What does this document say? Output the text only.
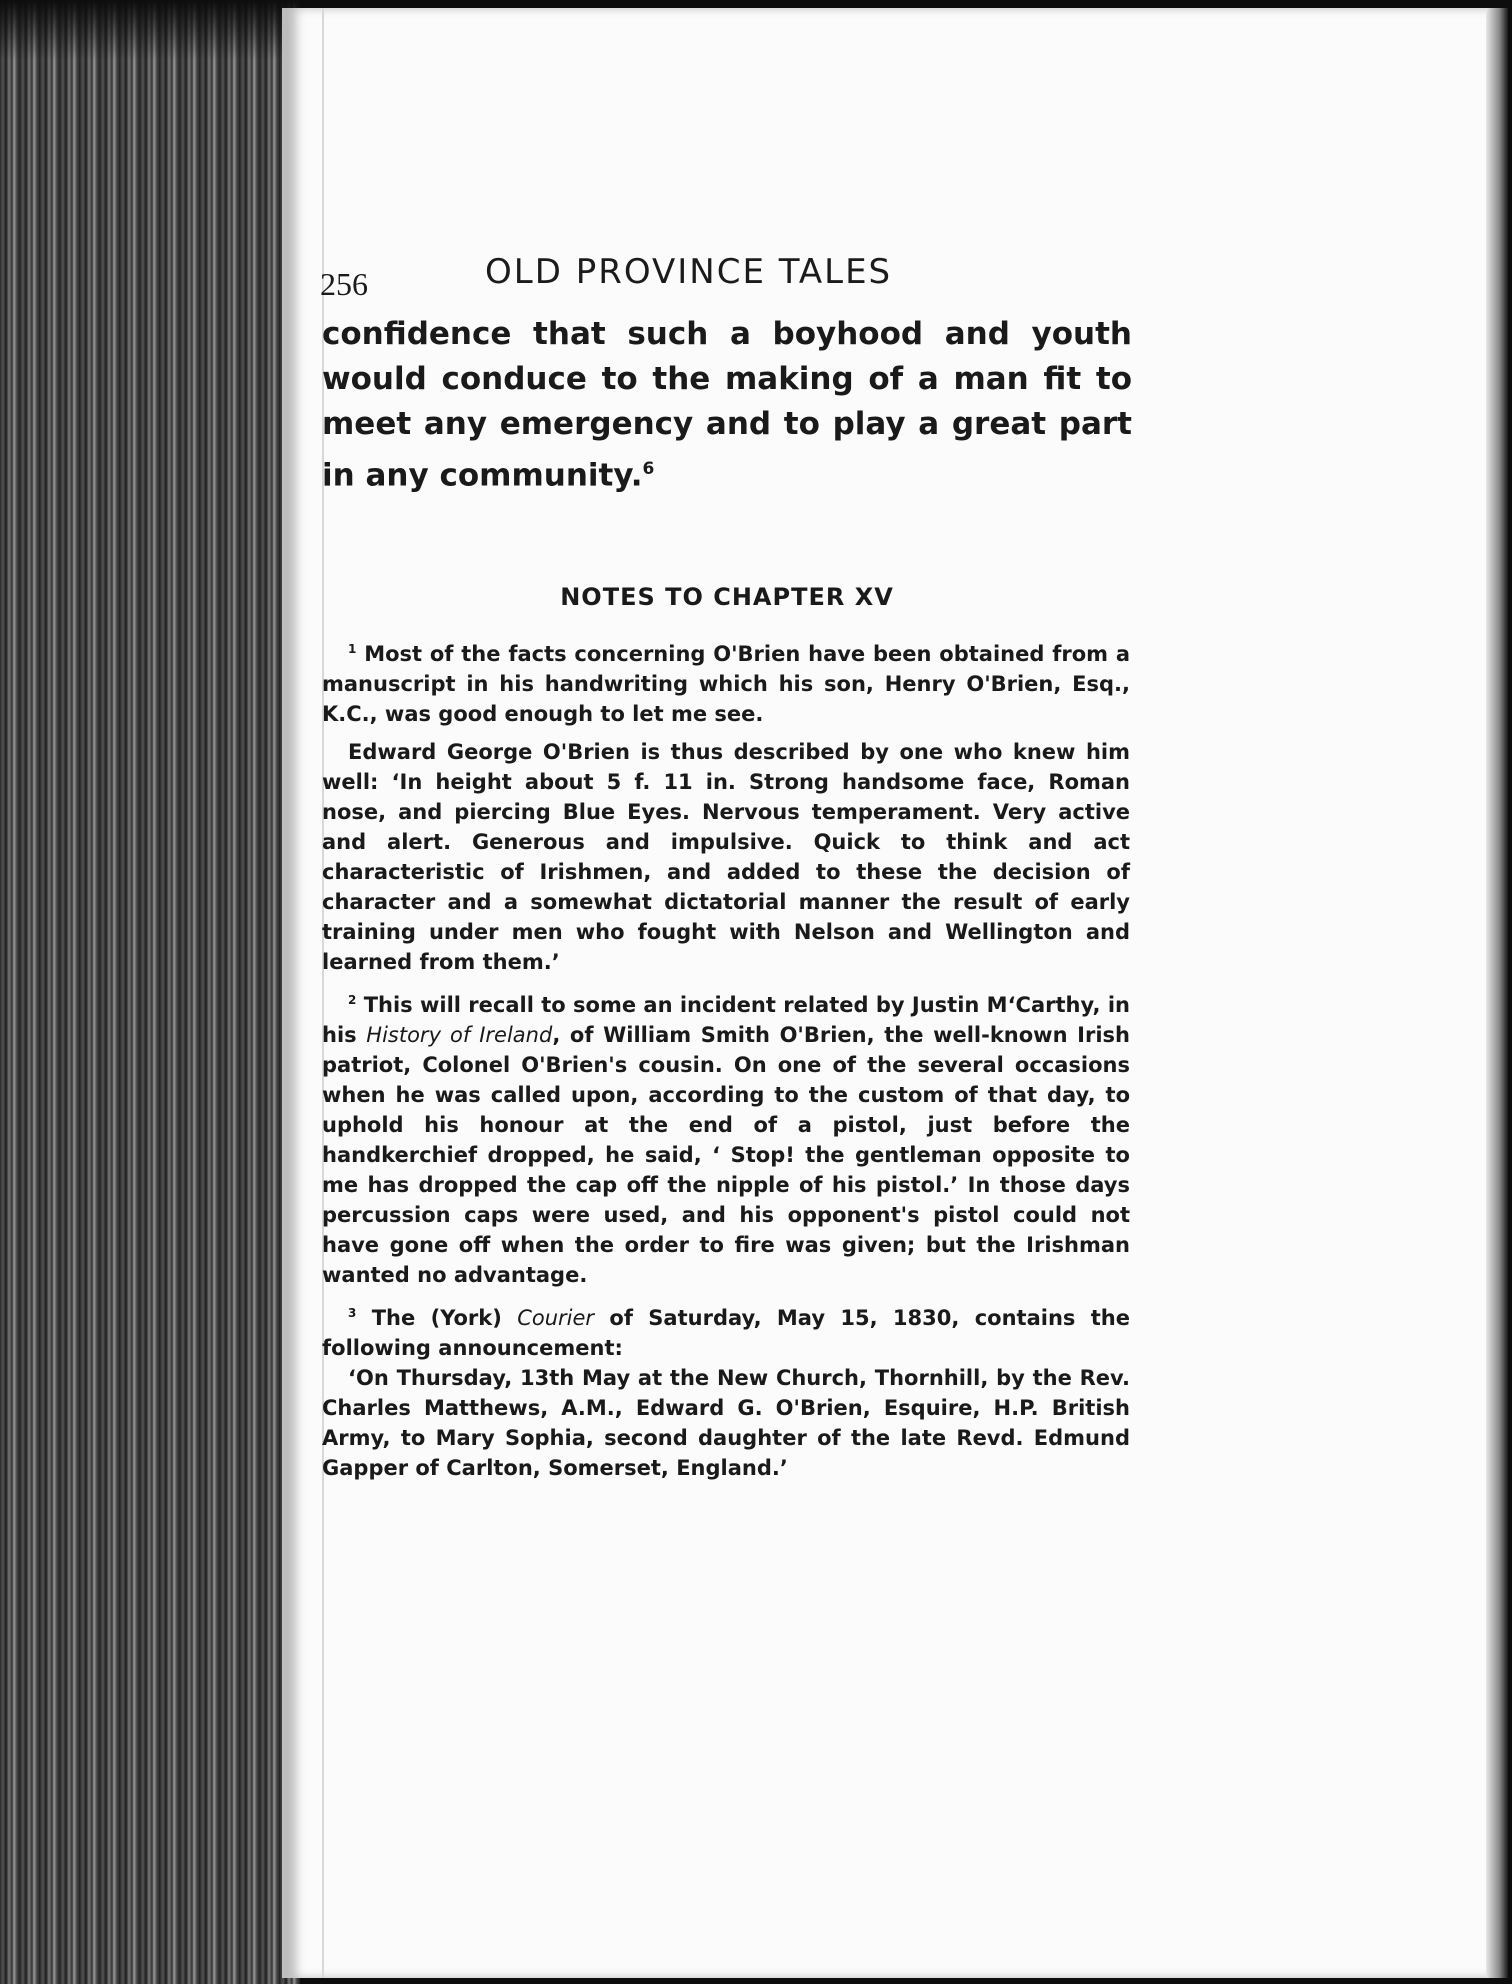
256	OLD PROVINCE TALES
confidence that such a boyhood and youth would conduce to the making of a man fit to meet any emergency and to play a great part in any community.$^6$
NOTES TO CHAPTER XV

$^1$ Most of the facts concerning O'Brien have been obtained from a manuscript in his handwriting which his son, Henry O'Brien, Esq., K.C., was good enough to let me see.

Edward George O'Brien is thus described by one who knew him well: ‘In height about 5 f. 11 in. Strong handsome face, Roman nose, and piercing Blue Eyes. Nervous temperament. Very active and alert. Generous and impulsive. Quick to think and act characteristic of Irishmen, and added to these the decision of character and a somewhat dictatorial manner the result of early training under men who fought with Nelson and Wellington and learned from them.’

$^2$ This will recall to some an incident related by Justin M‘Carthy, in his History of Ireland, of William Smith O'Brien, the well-known Irish patriot, Colonel O'Brien's cousin. On one of the several occasions when he was called upon, according to the custom of that day, to uphold his honour at the end of a pistol, just before the handkerchief dropped, he said, ‘ Stop! the gentleman opposite to me has dropped the cap off the nipple of his pistol.’ In those days percussion caps were used, and his opponent's pistol could not have gone off when the order to fire was given; but the Irishman wanted no advantage.

$^3$ The (York) Courier of Saturday, May 15, 1830, contains the following announcement:

‘On Thursday, 13th May at the New Church, Thornhill, by the Rev. Charles Matthews, A.M., Edward G. O'Brien, Esquire, H.P. British Army, to Mary Sophia, second daughter of the late Revd. Edmund Gapper of Carlton, Somerset, England.’
